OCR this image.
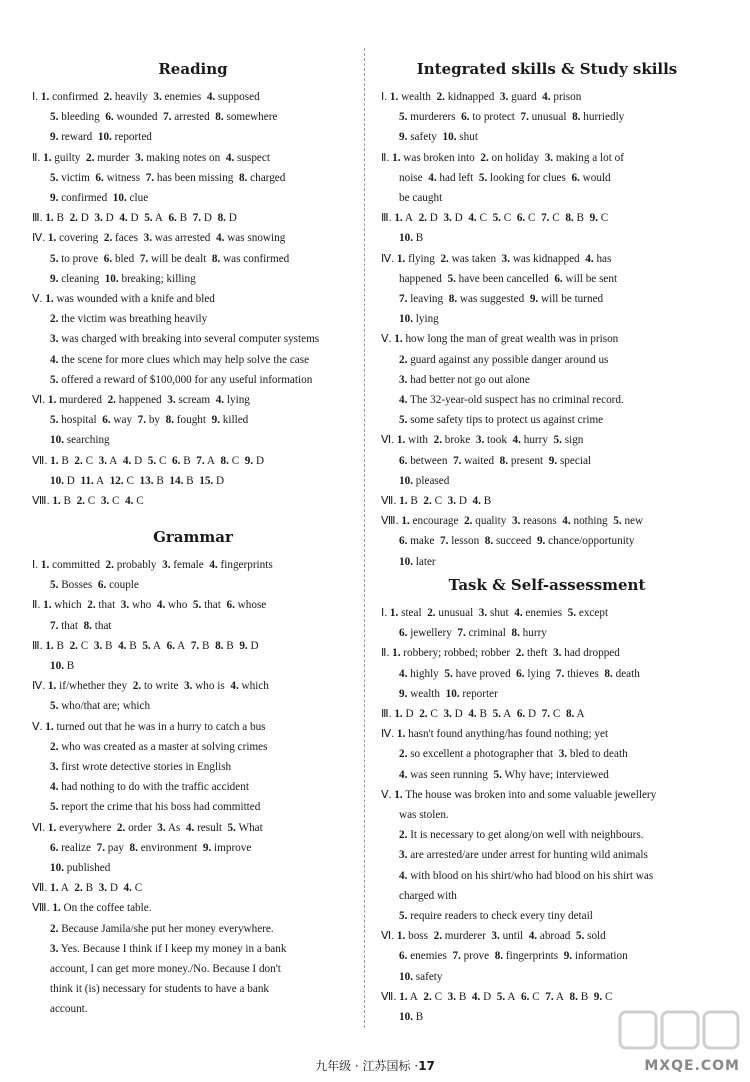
九年级 · 江苏国标 ·17	MXQE.COM
Reading
Ⅰ. 1. confirmed 2. heavily 3. enemies 4. supposed
5. bleeding 6. wounded 7. arrested 8. somewhere
9. reward 10. reported
Ⅱ. 1. guilty 2. murder 3. making notes on 4. suspect
5. victim 6. witness 7. has been missing 8. charged
9. confirmed 10. clue
Ⅲ. 1. B 2. D 3. D 4. D 5. A 6. B 7. D 8. D
Ⅳ. 1. covering 2. faces 3. was arrested 4. was snowing
5. to prove 6. bled 7. will be dealt 8. was confirmed
9. cleaning 10. breaking; killing
Ⅴ. 1. was wounded with a knife and bled
2. the victim was breathing heavily
3. was charged with breaking into several computer systems
4. the scene for more clues which may help solve the case
5. offered a reward of $100,000 for any useful information
Ⅵ. 1. murdered 2. happened 3. scream 4. lying
5. hospital 6. way 7. by 8. fought 9. killed
10. searching
Ⅶ. 1. B 2. C 3. A 4. D 5. C 6. B 7. A 8. C 9. D
10. D 11. A 12. C 13. B 14. B 15. D
Ⅷ. 1. B 2. C 3. C 4. C
Grammar
Ⅰ. 1. committed 2. probably 3. female 4. fingerprints
5. Bosses 6. couple
Ⅱ. 1. which 2. that 3. who 4. who 5. that 6. whose
7. that 8. that
Ⅲ. 1. B 2. C 3. B 4. B 5. A 6. A 7. B 8. B 9. D
10. B
Ⅳ. 1. if/whether they 2. to write 3. who is 4. which
5. who/that are; which
Ⅴ. 1. turned out that he was in a hurry to catch a bus
2. who was created as a master at solving crimes
3. first wrote detective stories in English
4. had nothing to do with the traffic accident
5. report the crime that his boss had committed
Ⅵ. 1. everywhere 2. order 3. As 4. result 5. What
6. realize 7. pay 8. environment 9. improve
10. published
Ⅶ. 1. A 2. B 3. D 4. C
Ⅷ. 1. On the coffee table.
2. Because Jamila/she put her money everywhere.
3. Yes. Because I think if I keep my money in a bank
account, I can get more money./No. Because I don't
think it (is) necessary for students to have a bank
account.
Integrated skills & Study skills
Ⅰ. 1. wealth 2. kidnapped 3. guard 4. prison
5. murderers 6. to protect 7. unusual 8. hurriedly
9. safety 10. shut
Ⅱ. 1. was broken into 2. on holiday 3. making a lot of
noise 4. had left 5. looking for clues 6. would
be caught
Ⅲ. 1. A 2. D 3. D 4. C 5. C 6. C 7. C 8. B 9. C
10. B
Ⅳ. 1. flying 2. was taken 3. was kidnapped 4. has
happened 5. have been cancelled 6. will be sent
7. leaving 8. was suggested 9. will be turned
10. lying
Ⅴ. 1. how long the man of great wealth was in prison
2. guard against any possible danger around us
3. had better not go out alone
4. The 32-year-old suspect has no criminal record.
5. some safety tips to protect us against crime
Ⅵ. 1. with 2. broke 3. took 4. hurry 5. sign
6. between 7. waited 8. present 9. special
10. pleased
Ⅶ. 1. B 2. C 3. D 4. B
Ⅷ. 1. encourage 2. quality 3. reasons 4. nothing 5. new
6. make 7. lesson 8. succeed 9. chance/opportunity
10. later
Task & Self-assessment
Ⅰ. 1. steal 2. unusual 3. shut 4. enemies 5. except
6. jewellery 7. criminal 8. hurry
Ⅱ. 1. robbery; robbed; robber 2. theft 3. had dropped
4. highly 5. have proved 6. lying 7. thieves 8. death
9. wealth 10. reporter
Ⅲ. 1. D 2. C 3. D 4. B 5. A 6. D 7. C 8. A
Ⅳ. 1. hasn't found anything/has found nothing; yet
2. so excellent a photographer that 3. bled to death
4. was seen running 5. Why have; interviewed
Ⅴ. 1. The house was broken into and some valuable jewellery
was stolen.
2. It is necessary to get along/on well with neighbours.
3. are arrested/are under arrest for hunting wild animals
4. with blood on his shirt/who had blood on his shirt was
charged with
5. require readers to check every tiny detail
Ⅵ. 1. boss 2. murderer 3. until 4. abroad 5. sold
6. enemies 7. prove 8. fingerprints 9. information
10. safety
Ⅶ. 1. A 2. C 3. B 4. D 5. A 6. C 7. A 8. B 9. C
10. B
